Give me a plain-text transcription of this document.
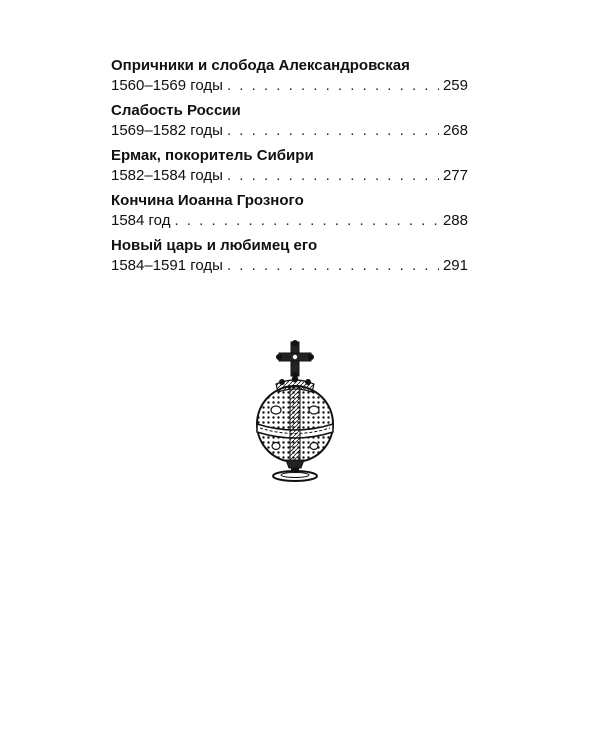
Опричники и слобода Александровская
1560–1569 годы . . .	259
Слабость России
1569–1582 годы . . .	268
Ермак, покоритель Сибири
1582–1584 годы . . .	277
Кончина Иоанна Грозного
1584 год . . .	288
Новый царь и любимец его
1584–1591 годы . . .	291
